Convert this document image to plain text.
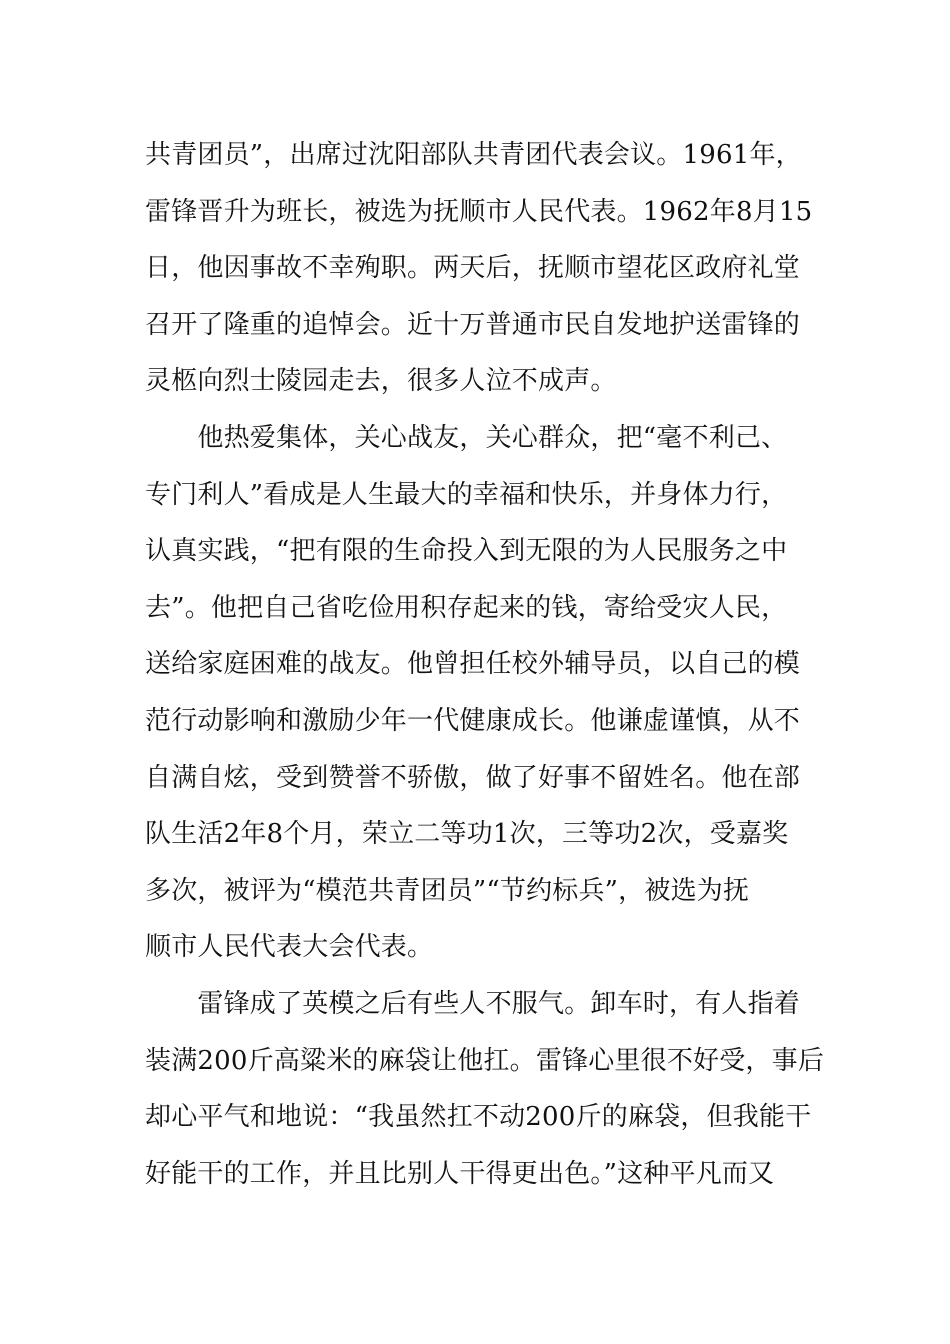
共青团员”，出席过沈阳部队共青团代表会议。1961年，
雷锋晋升为班长，被选为抚顺市人民代表。1962年8月15
日，他因事故不幸殉职。两天后，抚顺市望花区政府礼堂
召开了隆重的追悼会。近十万普通市民自发地护送雷锋的
灵柩向烈士陵园走去，很多人泣不成声。
　　他热爱集体，关心战友，关心群众，把“毫不利己、
专门利人”看成是人生最大的幸福和快乐，并身体力行，
认真实践，“把有限的生命投入到无限的为人民服务之中
去”。他把自己省吃俭用积存起来的钱，寄给受灾人民，
送给家庭困难的战友。他曾担任校外辅导员，以自己的模
范行动影响和激励少年一代健康成长。他谦虚谨慎，从不
自满自炫，受到赞誉不骄傲，做了好事不留姓名。他在部
队生活2年8个月，荣立二等功1次，三等功2次，受嘉奖
多次，被评为“模范共青团员”“节约标兵”，被选为抚
顺市人民代表大会代表。
　　雷锋成了英模之后有些人不服气。卸车时，有人指着
装满200斤高粱米的麻袋让他扛。雷锋心里很不好受，事后
却心平气和地说：“我虽然扛不动200斤的麻袋，但我能干
好能干的工作，并且比别人干得更出色。”这种平凡而又
